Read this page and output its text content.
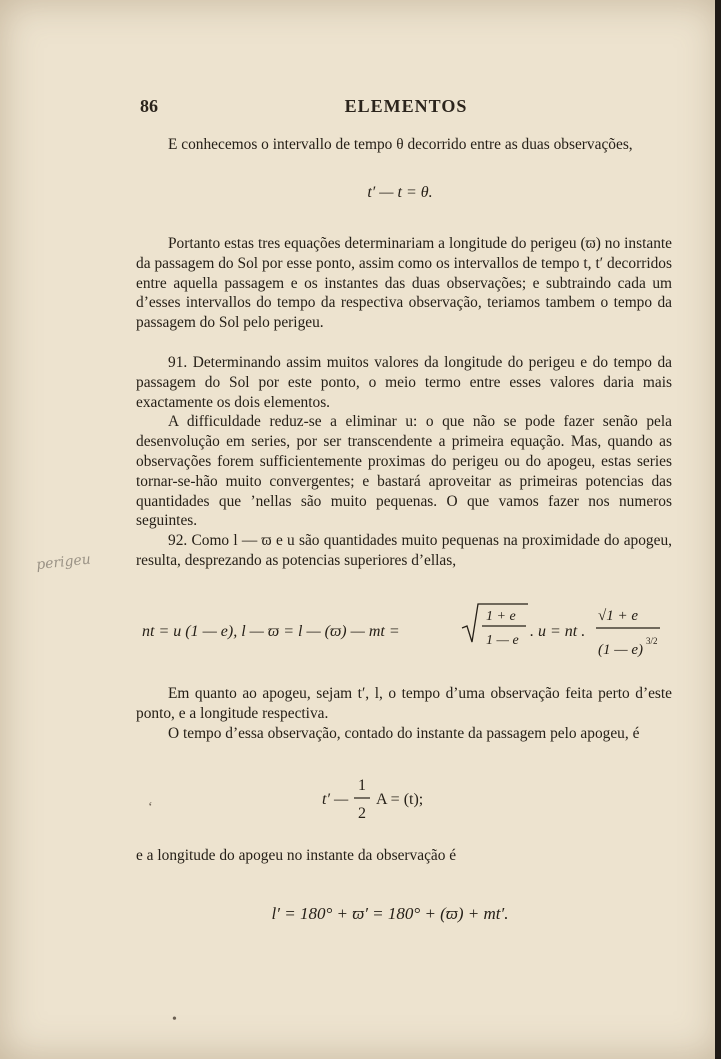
86	ELEMENTOS

E conhecemos o intervallo de tempo θ decorrido entre as duas observações,

t′ — t = θ.

Portanto estas tres equações determinariam a longitude do perigeu (ϖ) no instante da passagem do Sol por esse ponto, assim como os intervallos de tempo t, t′ decorridos entre aquella passagem e os instantes das duas observações; e subtraindo cada um d’esses intervallos do tempo da respectiva observação, teriamos tambem o tempo da passagem do Sol pelo perigeu.

91. Determinando assim muitos valores da longitude do perigeu e do tempo da passagem do Sol por este ponto, o meio termo entre esses valores daria mais exactamente os dois elementos.

A difficuldade reduz-se a eliminar u: o que não se pode fazer senão pela desenvolução em series, por ser transcendente a primeira equação. Mas, quando as observações forem sufficientemente proximas do perigeu ou do apogeu, estas series tornar-se-hão muito convergentes; e bastará aproveitar as primeiras potencias das quantidades que ’nellas são muito pequenas. O que vamos fazer nos numeros seguintes.

92. Como l — ϖ e u são quantidades muito pequenas na proximidade do apogeu, resulta, desprezando as potencias superiores d’ellas,

nt = u (1 — e), l — ϖ = l — (ϖ) — mt =
1 + e
1 — e
. u = nt .
√1 + e
(1 — e)
3/2

Em quanto ao apogeu, sejam t′, l, o tempo d’uma observação feita perto d’este ponto, e a longitude respectiva.

O tempo d’essa observação, contado do instante da passagem pelo apogeu, é

t′ —
1
2
A = (t);

e a longitude do apogeu no instante da observação é

l′ = 180° + ϖ′ = 180° + (ϖ) + mt′.
perigeu
‘
•
